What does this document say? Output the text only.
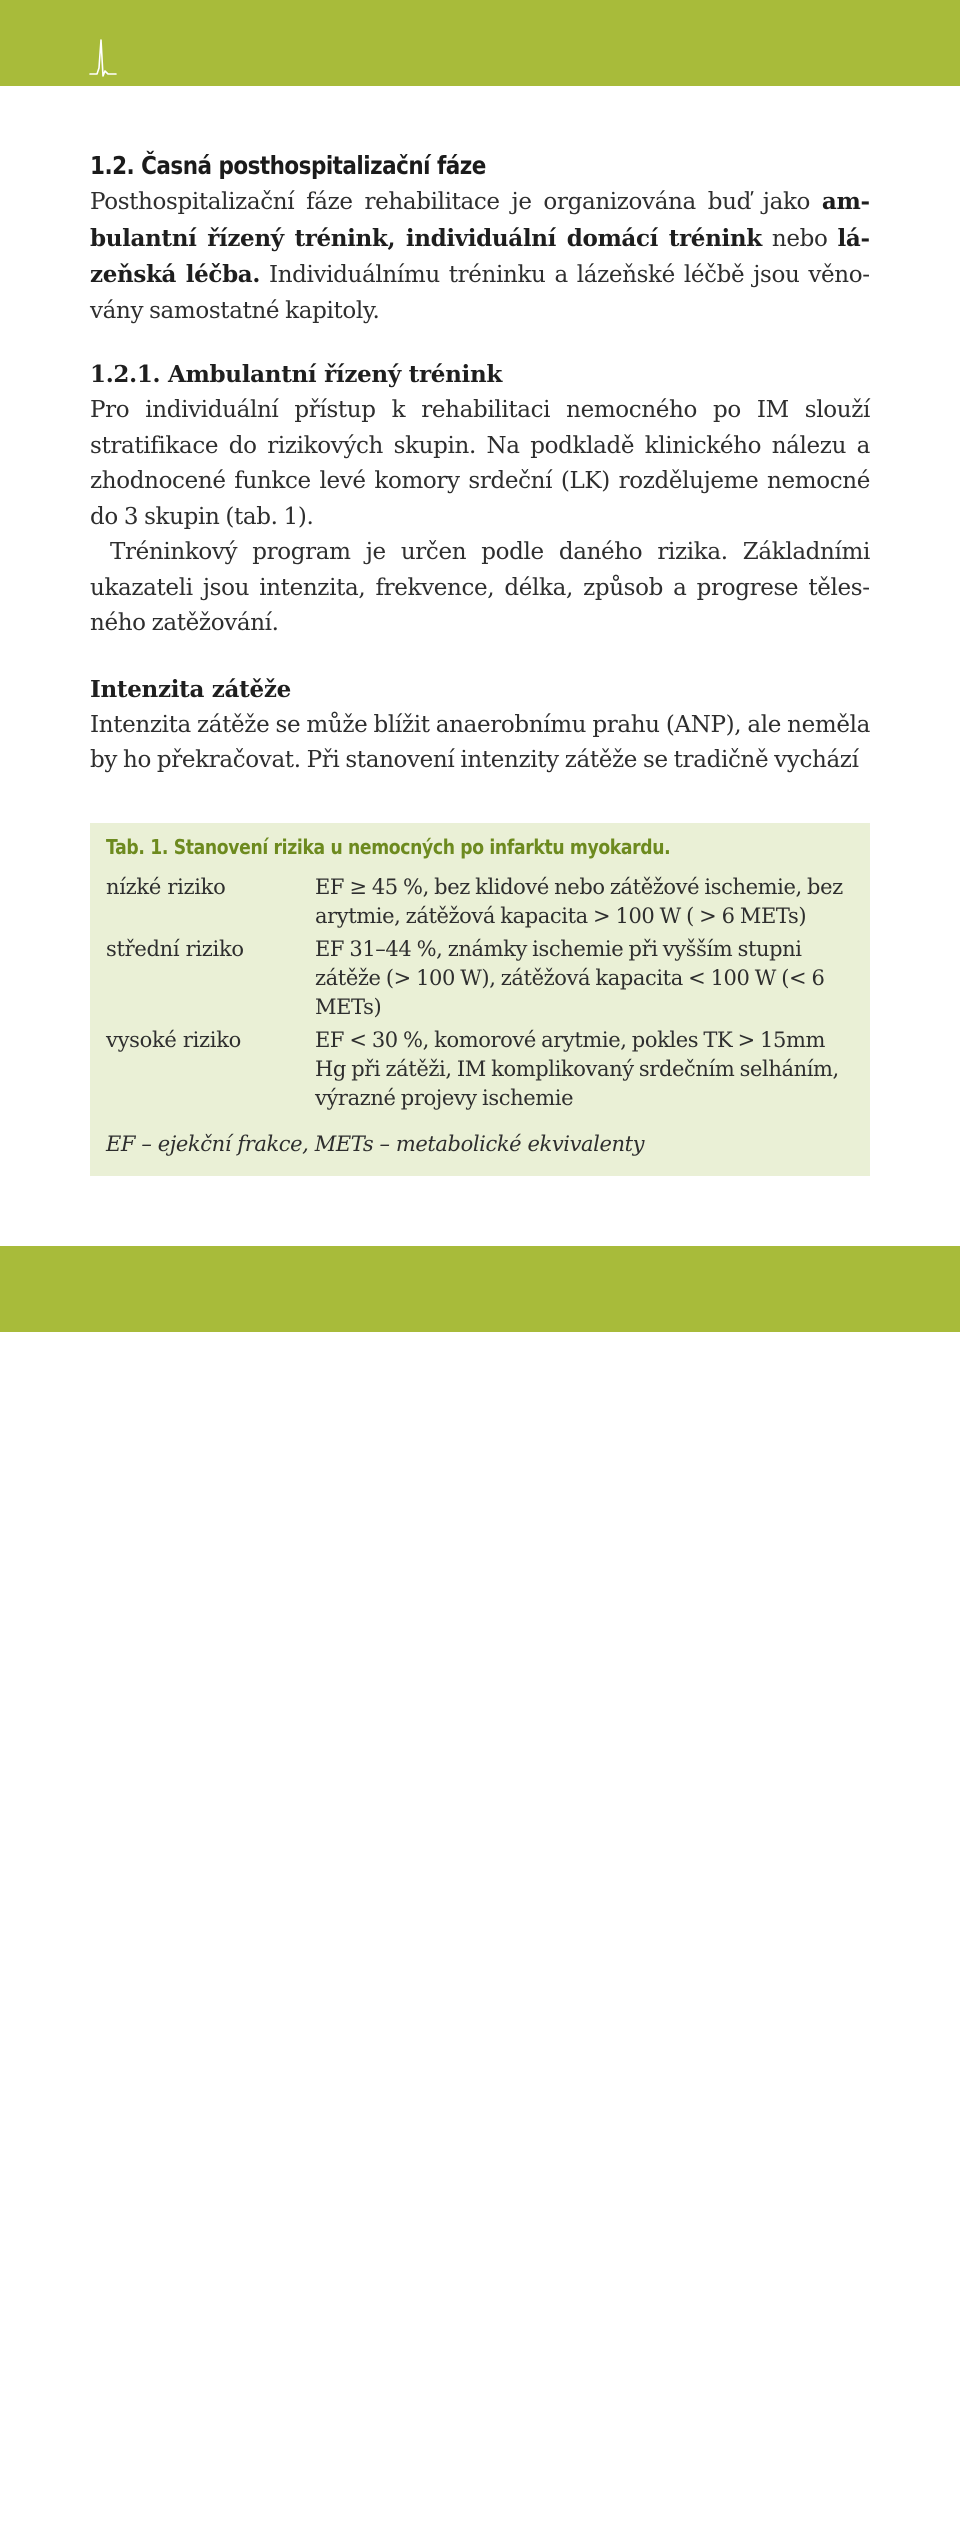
1.2. Časná posthospitalizační fáze

Posthospitalizační fáze rehabilitace je organizována buď jako ambulantní řízený trénink, individuální domácí trénink nebo lázeňská léčba. Individuálnímu tréninku a lázeňské léčbě jsou věnovány samostatné kapitoly.

1.2.1. Ambulantní řízený trénink

Pro individuální přístup k rehabilitaci nemocného po IM slouží stratifikace do rizikových skupin. Na podkladě klinického nálezu a zhodnocené funkce levé komory srdeční (LK) rozdělujeme nemocné do 3 skupin (tab. 1).

Tréninkový program je určen podle daného rizika. Základními ukazateli jsou intenzita, frekvence, délka, způsob a progrese tělesného zatěžování.

Intenzita zátěže

Intenzita zátěže se může blížit anaerobnímu prahu (ANP), ale neměla by ho překračovat. Při stanovení intenzity zátěže se tradičně vychází

Tab. 1. Stanovení rizika u nemocných po infarktu myokardu.
nízké riziko	EF ≥ 45 %, bez klidové nebo zátěžové ischemie, bez arytmie, zátěžová kapacita > 100 W ( > 6 METs)
střední riziko	EF 31–44 %, známky ischemie při vyšším stupni zátěže (> 100 W), zátěžová kapacita < 100 W (< 6 METs)
vysoké riziko	EF < 30 %, komorové arytmie, pokles TK > 15mm Hg při zátěži, IM komplikovaný srdečním selháním, výrazné projevy ischemie
EF – ejekční frakce, METs – metabolické ekvivalenty
6
